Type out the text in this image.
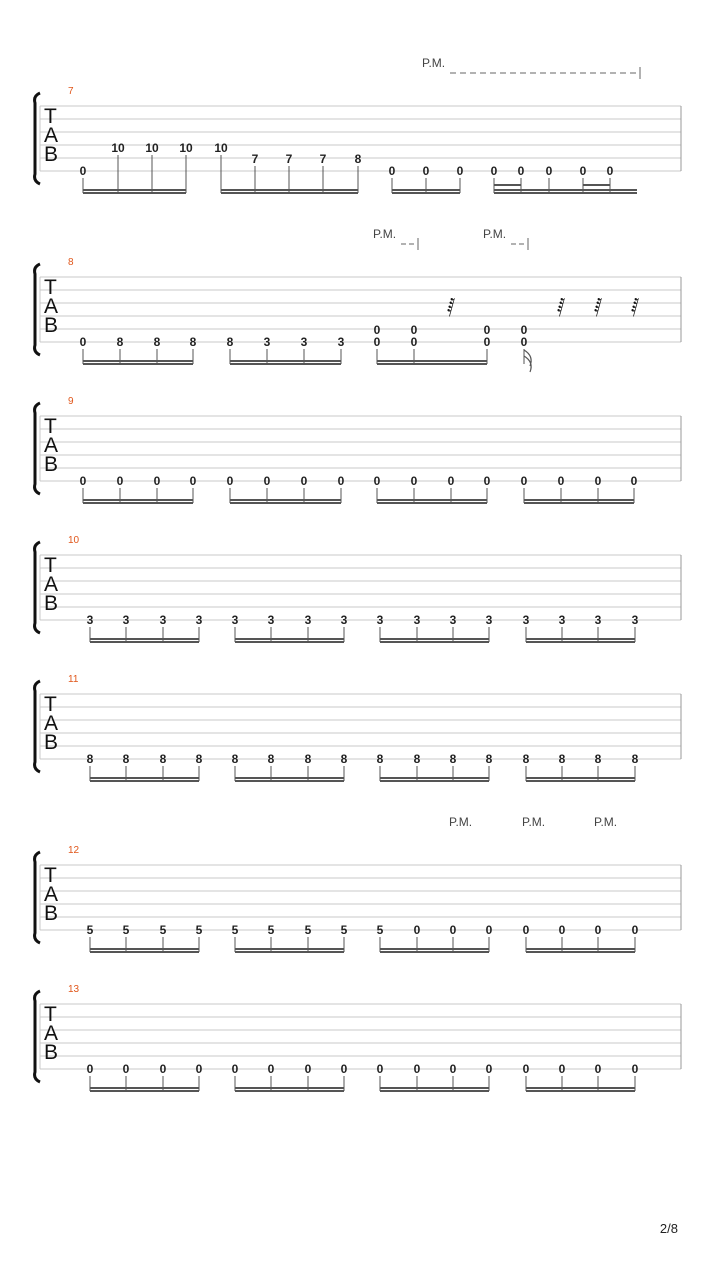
7
T
A
B
0
10 10 10 10
7 7 7 8
0 0 0 0 0 0 0 0
P.M.
8
T
A
B
0	8	8 8	8	3	3	3
0
0
0
0
0
0
0
0
𝅁	𝅁 𝅁 𝅁
P.M.	P.M.
9
T
A
B
0	0	0 0	0	0	0	0 0	0	0 0	0	0	0 0
10
T
A
B
3 3	3 3 3 3	3 3 3	3 3 3	3 3 3	3
11
T
A
B
8 8	8 8 8 8	8 8 8	8 8 8	8 8 8	8
12
T
A
B
5 5	5 5 5 5	5 5 5	0 0 0	0 0 0	0
P.M.	P.M.	P.M.
13
T
A
B
0 0	0 0 0 0	0 0 0	0 0 0	0 0 0	0
2/8
